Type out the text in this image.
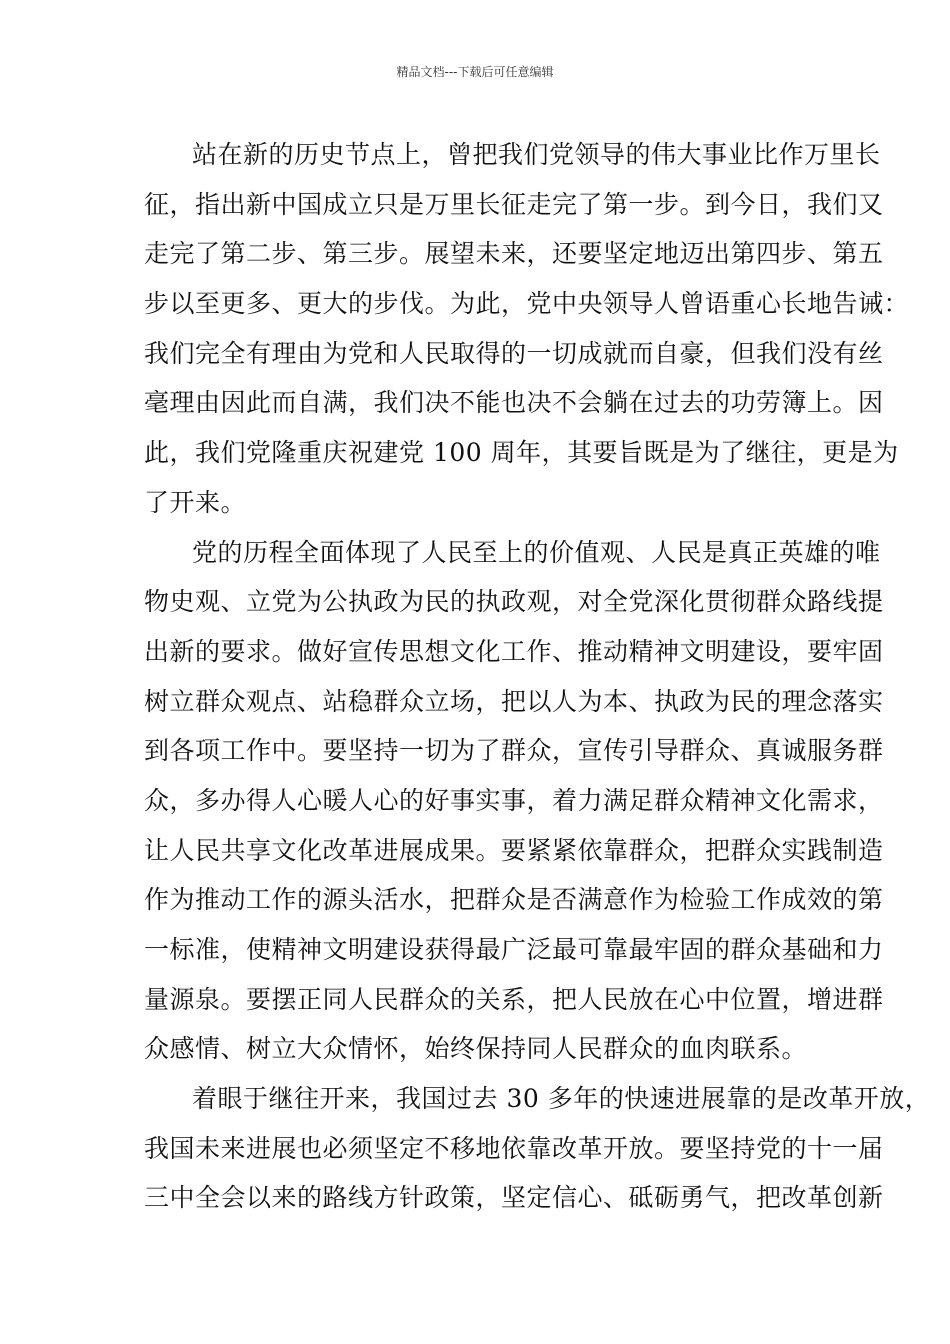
精品文档---下载后可任意编辑
站在新的历史节点上，曾把我们党领导的伟大事业比作万里长
征，指出新中国成立只是万里长征走完了第一步。到今日，我们又
走完了第二步、第三步。展望未来，还要坚定地迈出第四步、第五
步以至更多、更大的步伐。为此，党中央领导人曾语重心长地告诫：
我们完全有理由为党和人民取得的一切成就而自豪，但我们没有丝
毫理由因此而自满，我们决不能也决不会躺在过去的功劳簿上。因
此，我们党隆重庆祝建党 100 周年，其要旨既是为了继往，更是为
了开来。
党的历程全面体现了人民至上的价值观、人民是真正英雄的唯
物史观、立党为公执政为民的执政观，对全党深化贯彻群众路线提
出新的要求。做好宣传思想文化工作、推动精神文明建设，要牢固
树立群众观点、站稳群众立场，把以人为本、执政为民的理念落实
到各项工作中。要坚持一切为了群众，宣传引导群众、真诚服务群
众，多办得人心暖人心的好事实事，着力满足群众精神文化需求，
让人民共享文化改革进展成果。要紧紧依靠群众，把群众实践制造
作为推动工作的源头活水，把群众是否满意作为检验工作成效的第
一标准，使精神文明建设获得最广泛最可靠最牢固的群众基础和力
量源泉。要摆正同人民群众的关系，把人民放在心中位置，增进群
众感情、树立大众情怀，始终保持同人民群众的血肉联系。
着眼于继往开来，我国过去 30 多年的快速进展靠的是改革开放，
我国未来进展也必须坚定不移地依靠改革开放。要坚持党的十一届
三中全会以来的路线方针政策，坚定信心、砥砺勇气，把改革创新
